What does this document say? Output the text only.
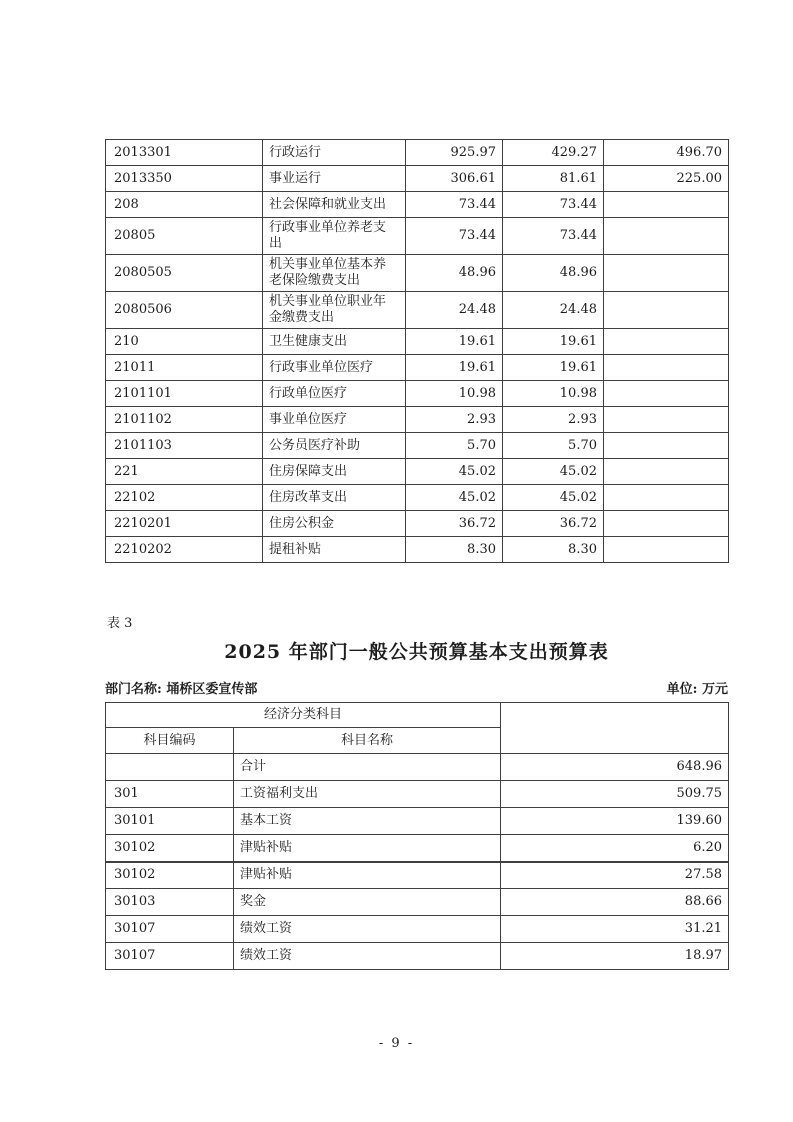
2013301	行政运行	925.97	429.27	496.70
2013350	事业运行	306.61	81.61	225.00
208	社会保障和就业支出	73.44	73.44	
20805	行政事业单位养老支出	73.44	73.44	
2080505	机关事业单位基本养老保险缴费支出	48.96	48.96	
2080506	机关事业单位职业年金缴费支出	24.48	24.48	
210	卫生健康支出	19.61	19.61	
21011	行政事业单位医疗	19.61	19.61	
2101101	行政单位医疗	10.98	10.98	
2101102	事业单位医疗	2.93	2.93	
2101103	公务员医疗补助	5.70	5.70	
221	住房保障支出	45.02	45.02	
22102	住房改革支出	45.02	45.02	
2210201	住房公积金	36.72	36.72	
2210202	提租补贴	8.30	8.30	
表 3
2025 年部门一般公共预算基本支出预算表
部门名称: 埇桥区委宣传部	单位: 万元
经济分类科目		
科目编码	科目名称	
	合计	648.96
301	工资福利支出	509.75
30101	基本工资	139.60
30102	津贴补贴	6.20
30102	津贴补贴	27.58
30103	奖金	88.66
30107	绩效工资	31.21
30107	绩效工资	18.97
- 9 -
